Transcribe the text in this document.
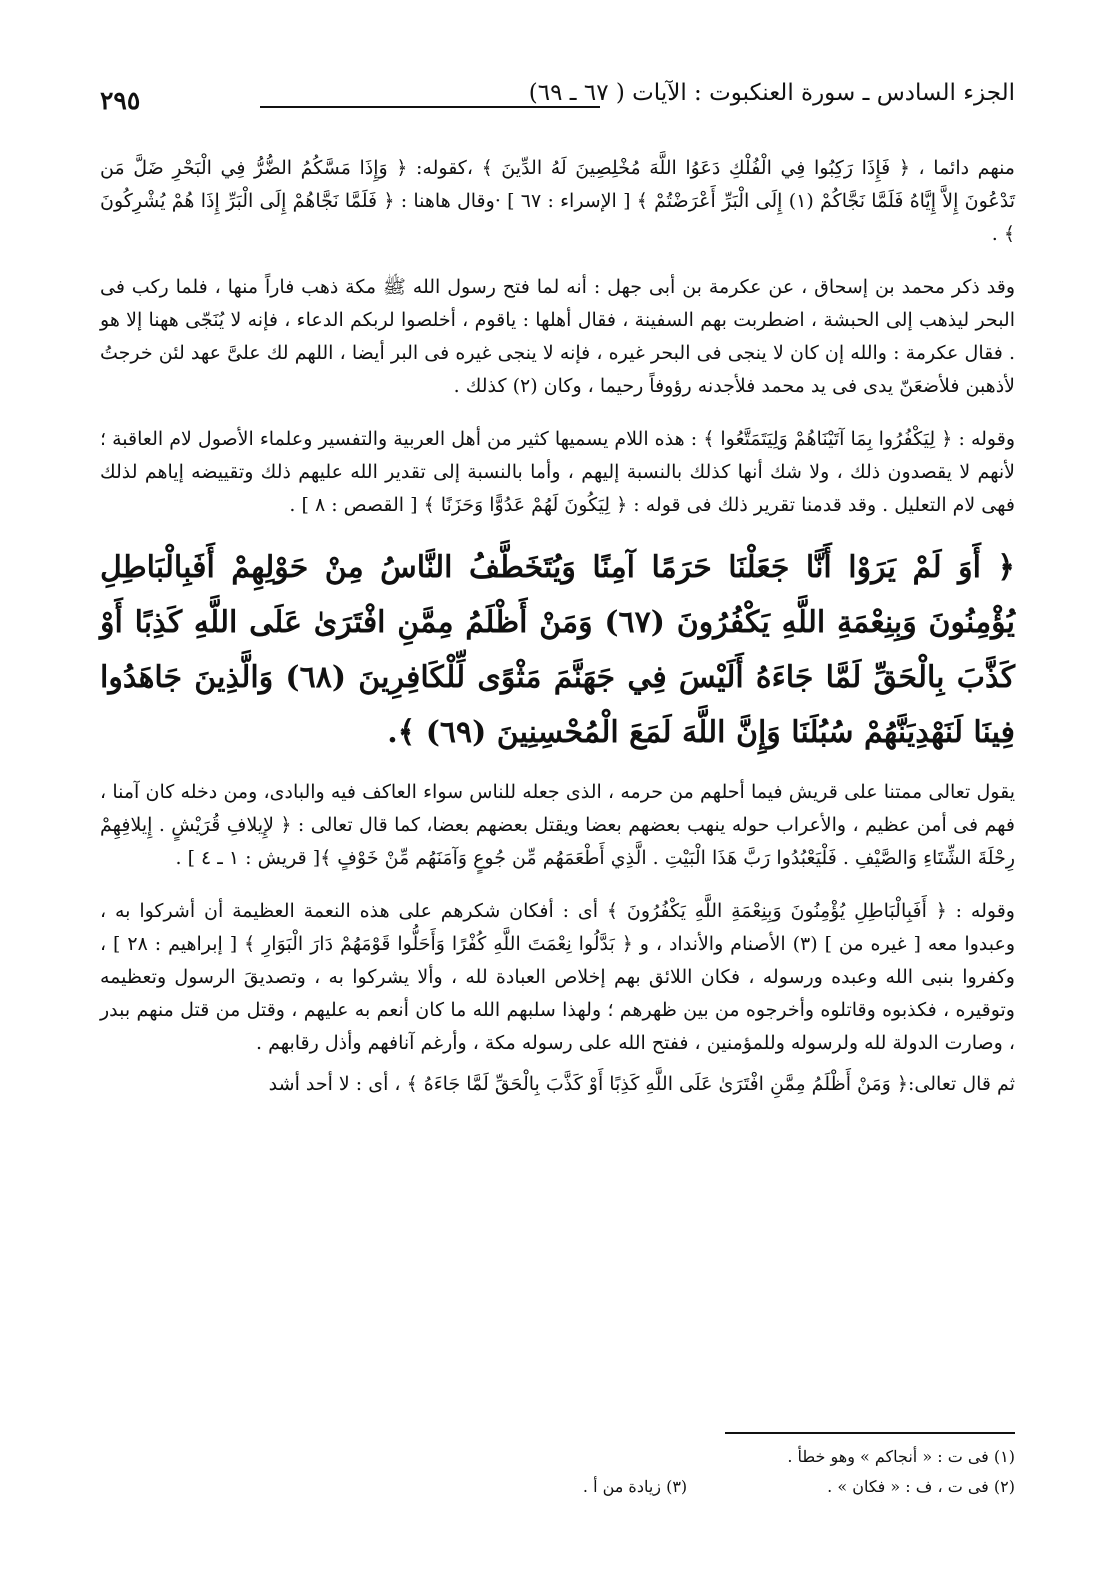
الجزء السادس ـ سورة العنكبوت : الآيات ( ٦٧ ـ ٦٩)
٢٩٥

منهم دائما ، ﴿ فَإِذَا رَكِبُوا فِي الْفُلْكِ دَعَوُا اللَّهَ مُخْلِصِينَ لَهُ الدِّينَ ﴾ ،كقوله: ﴿ وَإِذَا مَسَّكُمُ الضُّرُّ فِي الْبَحْرِ ضَلَّ مَن تَدْعُونَ إِلاَّ إِيَّاهُ فَلَمَّا نَجَّاكُمْ (١) إِلَى الْبَرِّ أَعْرَضْتُمْ ﴾ [ الإسراء : ٦٧ ] ·وقال هاهنا : ﴿ فَلَمَّا نَجَّاهُمْ إِلَى الْبَرِّ إِذَا هُمْ يُشْرِكُونَ ﴾ .

وقد ذكر محمد بن إسحاق ، عن عكرمة بن أبى جهل : أنه لما فتح رسول الله ﷺ مكة ذهب فاراً منها ، فلما ركب فى البحر ليذهب إلى الحبشة ، اضطربت بهم السفينة ، فقال أهلها : ياقوم ، أخلصوا لربكم الدعاء ، فإنه لا يُنَجّى ههنا إلا هو . فقال عكرمة : والله إن كان لا ينجى فى البحر غيره ، فإنه لا ينجى غيره فى البر أيضا ، اللهم لك علىَّ عهد لئن خرجتُ لأذهبن فلأضعَنّ يدى فى يد محمد فلأجدنه رؤوفاً رحيما ، وكان (٢) كذلك .

وقوله : ﴿ لِيَكْفُرُوا بِمَا آتَيْنَاهُمْ وَلِيَتَمَتَّعُوا ﴾ : هذه اللام يسميها كثير من أهل العربية والتفسير وعلماء الأصول لام العاقبة ؛ لأنهم لا يقصدون ذلك ، ولا شك أنها كذلك بالنسبة إليهم ، وأما بالنسبة إلى تقدير الله عليهم ذلك وتقييضه إياهم لذلك فهى لام التعليل . وقد قدمنا تقرير ذلك فى قوله : ﴿ لِيَكُونَ لَهُمْ عَدُوًّا وَحَزَنًا ﴾ [ القصص : ٨ ] .

﴿ أَوَ لَمْ يَرَوْا أَنَّا جَعَلْنَا حَرَمًا آمِنًا وَيُتَخَطَّفُ النَّاسُ مِنْ حَوْلِهِمْ أَفَبِالْبَاطِلِ يُؤْمِنُونَ وَبِنِعْمَةِ اللَّهِ يَكْفُرُونَ (٦٧) وَمَنْ أَظْلَمُ مِمَّنِ افْتَرَىٰ عَلَى اللَّهِ كَذِبًا أَوْ كَذَّبَ بِالْحَقِّ لَمَّا جَاءَهُ أَلَيْسَ فِي جَهَنَّمَ مَثْوًى لِّلْكَافِرِينَ (٦٨) وَالَّذِينَ جَاهَدُوا فِينَا لَنَهْدِيَنَّهُمْ سُبُلَنَا وَإِنَّ اللَّهَ لَمَعَ الْمُحْسِنِينَ (٦٩) ﴾.

يقول تعالى ممتنا على قريش فيما أحلهم من حرمه ، الذى جعله للناس سواء العاكف فيه والبادى، ومن دخله كان آمنا ، فهم فى أمن عظيم ، والأعراب حوله ينهب بعضهم بعضا ويقتل بعضهم بعضا، كما قال تعالى : ﴿ لإِيلافِ قُرَيْشٍ . إِيلافِهِمْ رِحْلَةَ الشِّتَاءِ وَالصَّيْفِ . فَلْيَعْبُدُوا رَبَّ هَذَا الْبَيْتِ . الَّذِي أَطْعَمَهُم مِّن جُوعٍ وَآمَنَهُم مِّنْ خَوْفٍ ﴾[ قريش : ١ ـ ٤ ] .

وقوله : ﴿ أَفَبِالْبَاطِلِ يُؤْمِنُونَ وَبِنِعْمَةِ اللَّهِ يَكْفُرُونَ ﴾ أى : أفكان شكرهم على هذه النعمة العظيمة أن أشركوا به ، وعبدوا معه [ غيره من ] (٣) الأصنام والأنداد ، و ﴿ بَدَّلُوا نِعْمَتَ اللَّهِ كُفْرًا وَأَحَلُّوا قَوْمَهُمْ دَارَ الْبَوَارِ ﴾ [ إبراهيم : ٢٨ ] ، وكفروا بنبى الله وعبده ورسوله ، فكان اللائق بهم إخلاص العبادة لله ، وألا يشركوا به ، وتصديقَ الرسول وتعظيمه وتوقيره ، فكذبوه وقاتلوه وأخرجوه من بين ظهرهم ؛ ولهذا سلبهم الله ما كان أنعم به عليهم ، وقتل من قتل منهم ببدر ، وصارت الدولة لله ولرسوله وللمؤمنين ، ففتح الله على رسوله مكة ، وأرغم آنافهم وأذل رقابهم .

ثم قال تعالى:﴿ وَمَنْ أَظْلَمُ مِمَّنِ افْتَرَىٰ عَلَى اللَّهِ كَذِبًا أَوْ كَذَّبَ بِالْحَقِّ لَمَّا جَاءَهُ ﴾ ، أى : لا أحد أشد

(١) فى ت : « أنجاكم » وهو خطأ .
(٢) فى ت ، ف : « فكان » .
(٣) زيادة من أ .
